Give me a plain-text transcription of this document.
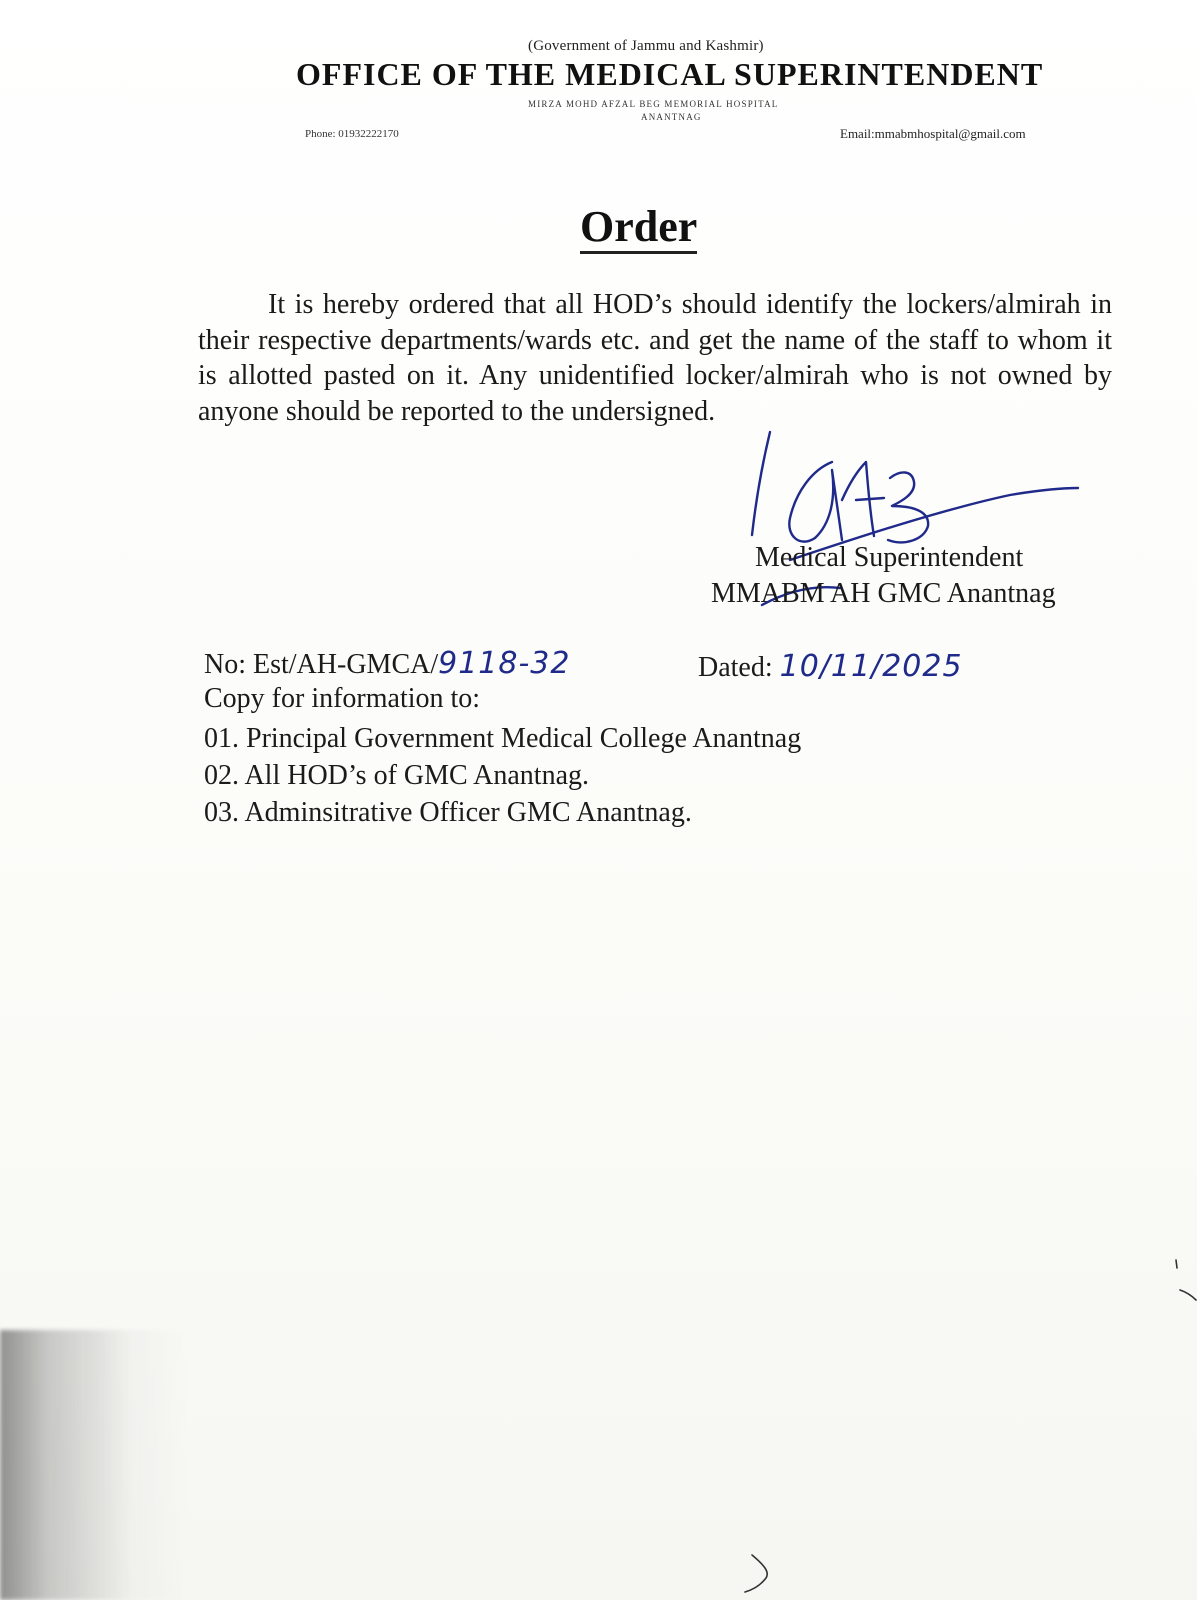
(Government of Jammu and Kashmir)
OFFICE OF THE MEDICAL SUPERINTENDENT
MIRZA MOHD AFZAL BEG MEMORIAL HOSPITAL
ANANTNAG
Phone: 01932222170	Email:mmabmhospital@gmail.com
Order

It is hereby ordered that all HOD’s should identify the lockers/almirah in their respective departments/wards etc. and get the name of the staff to whom it is allotted pasted on it. Any unidentified locker/almirah who is not owned by anyone should be reported to the undersigned.

Medical Superintendent
MMABM AH GMC Anantnag
No: Est/AH-GMCA/9118-32	Dated: 10/11/2025
Copy for information to:
01. Principal Government Medical College Anantnag
02. All HOD’s of GMC Anantnag.
03. Adminsitrative Officer GMC Anantnag.
